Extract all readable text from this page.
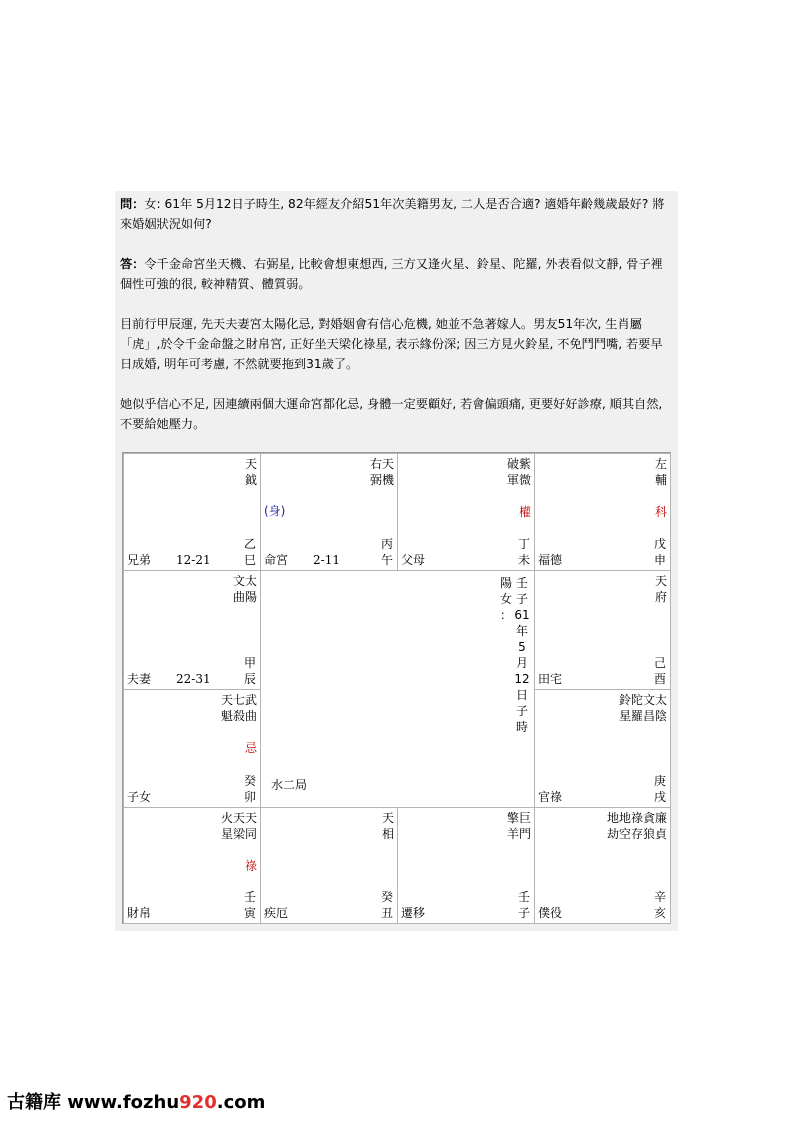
問：女: 61年 5月12日子時生, 82年經友介紹51年次美籍男友, 二人是否合適? 適婚年齡幾歲最好? 將來婚姻狀況如何?

答：令千金命宮坐天機、右弼星, 比較會想東想西, 三方又逢火星、鈴星、陀羅, 外表看似文靜, 骨子裡個性可強的很, 較神精質、體質弱。

目前行甲辰運, 先天夫妻宮太陽化忌, 對婚姻會有信心危機, 她並不急著嫁人。男友51年次, 生肖屬「虎」,於令千金命盤之財帛宮, 正好坐天梁化祿星, 表示緣份深; 因三方見火鈴星, 不免鬥鬥嘴, 若要早日成婚, 明年可考慮, 不然就要拖到31歲了。

她似乎信心不足, 因連續兩個大運命宮都化忌, 身體一定要顧好, 若會偏頭痛, 更要好好診療, 順其自然, 不要給她壓力。

陽
女
：
壬
子
61
年
5
月
12
日
子
時
水二局
天
鉞
乙
巳
兄弟 12-21
右天
弼機
(身)
丙
午
命宮 2-11
破紫
軍微
權
丁
未
父母
左
輔
科
戊
申
福德
文太
曲陽
甲
辰
夫妻 22-31
天
府
己
酉
田宅
天七武
魁殺曲
忌
癸
卯
子女
鈴陀文太
星羅昌陰
庚
戌
官祿
火天天
星梁同
祿
壬
寅
財帛
天
相
癸
丑
疾厄
擎巨
羊門
壬
子
遷移
地地祿貪廉
劫空存狼貞
辛
亥
僕役
古籍库 www.fozhu920.com
